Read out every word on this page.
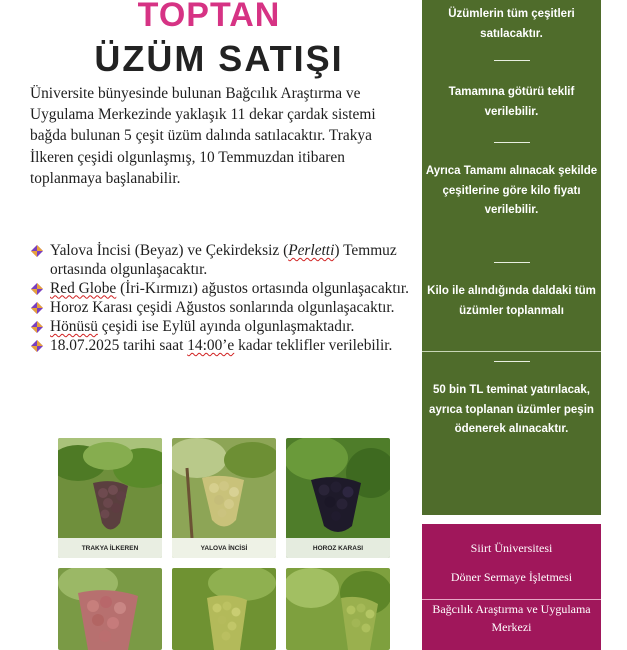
TOPTAN
ÜZÜM SATIŞI

Üniversite bünyesinde bulunan Bağcılık Araştırma ve Uygulama Merkezinde yaklaşık 11 dekar çardak sistemi bağda bulunan 5 çeşit üzüm dalında satılacaktır. Trakya İlkeren çeşidi olgunlaşmış, 10 Temmuzdan itibaren toplanmaya başlanabilir.

Yalova İncisi (Beyaz) ve Çekirdeksiz (Perletti) Temmuz ortasında olgunlaşacaktır.
Red Globe (İri-Kırmızı) ağustos ortasında olgunlaşacaktır.
Horoz Karası çeşidi Ağustos sonlarında olgunlaşacaktır.
Hönüsü çeşidi ise Eylül ayında olgunlaşmaktadır.
18.07.2025 tarihi saat 14:00’e kadar teklifler verilebilir.
TRAKYA İLKEREN	YALOVA İNCİSİ	HOROZ KARASI
Üzümlerin tüm çeşitleri satılacaktır.
Tamamına götürü teklif verilebilir.
Ayrıca Tamamı alınacak şekilde çeşitlerine göre kilo fiyatı verilebilir.
Kilo ile alındığında daldaki tüm üzümler toplanmalı
50 bin TL teminat yatırılacak, ayrıca toplanan üzümler peşin ödenerek alınacaktır.
Siirt Üniversitesi
Döner Sermaye İşletmesi
Bağcılık Araştırma ve Uygulama Merkezi
